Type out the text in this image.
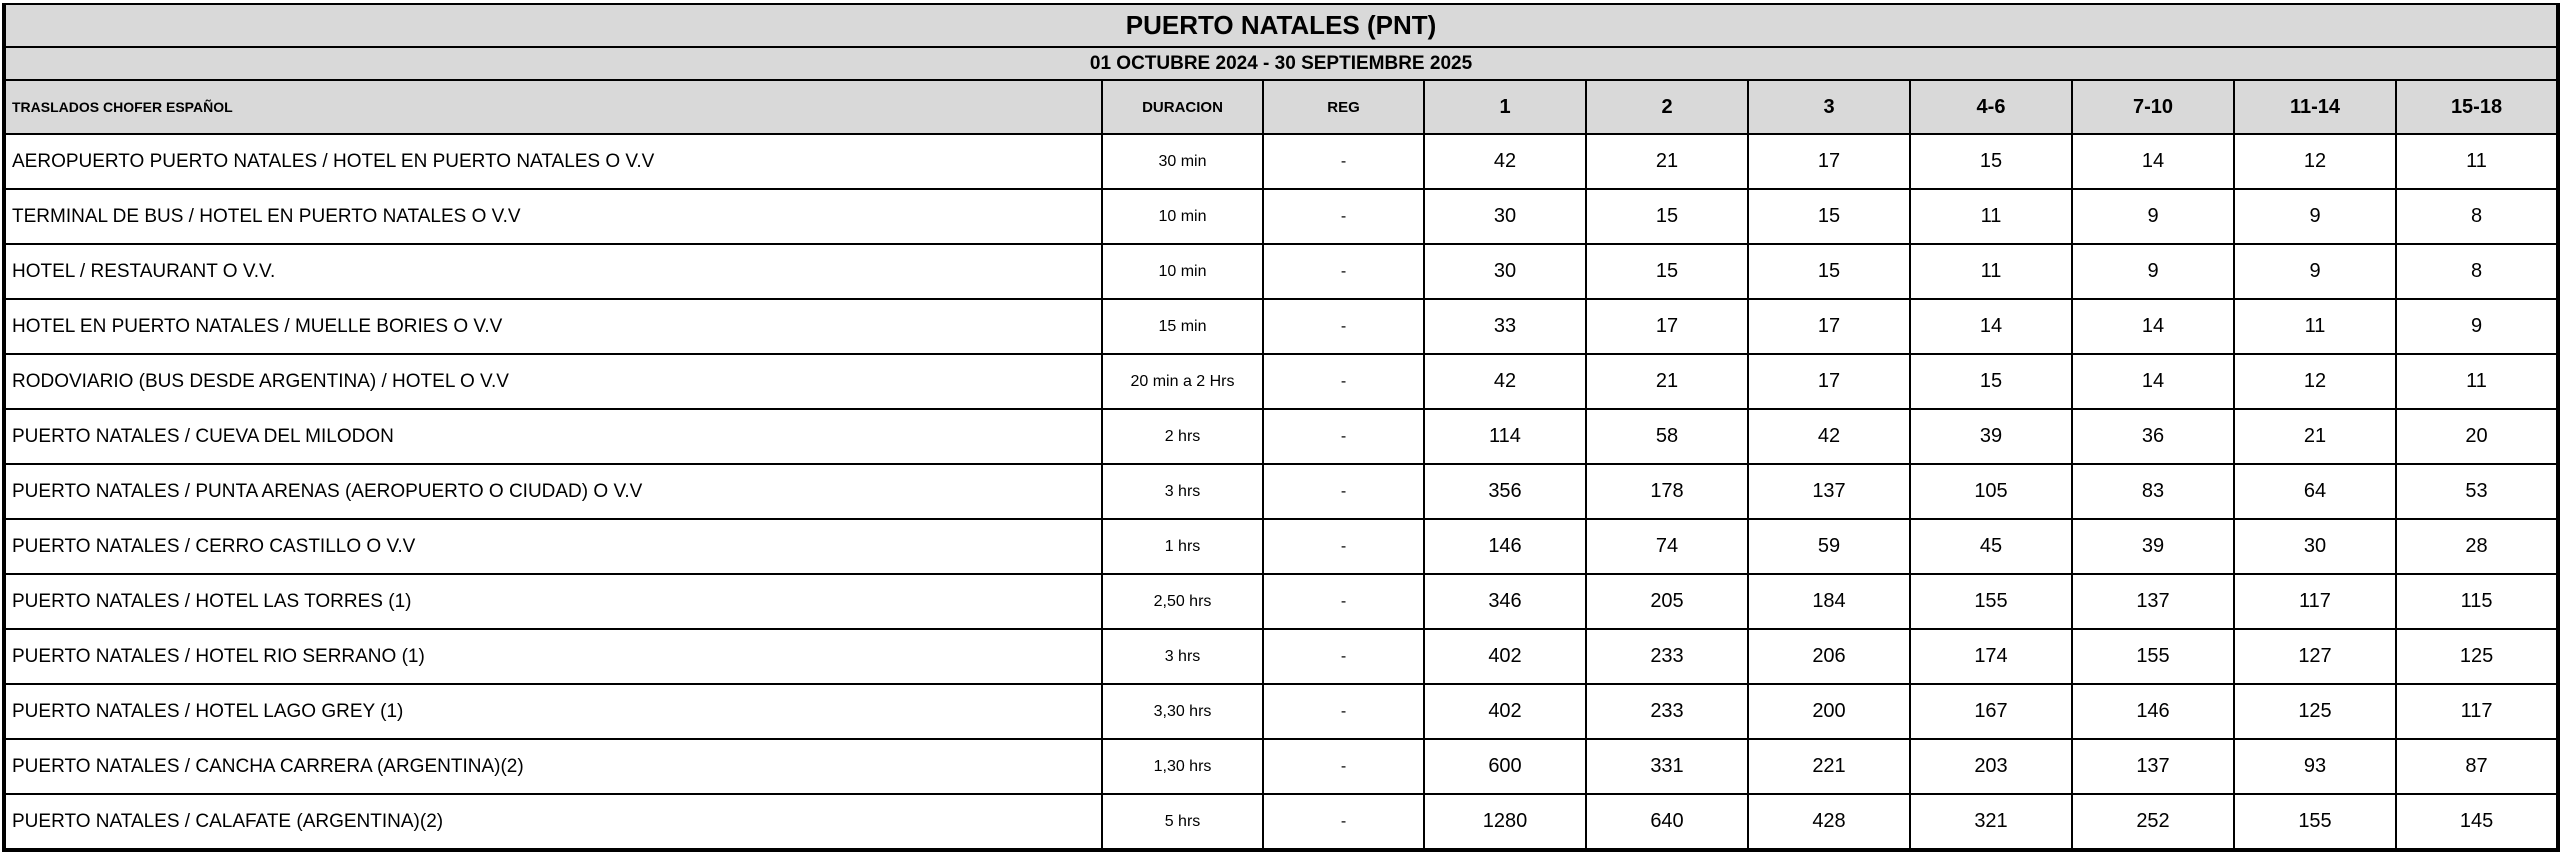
PUERTO NATALES (PNT)									
01 OCTUBRE 2024 - 30 SEPTIEMBRE 2025									
TRASLADOS CHOFER ESPAÑOL	DURACION	REG	1	2	3	4-6	7-10	11-14	15-18
AEROPUERTO PUERTO NATALES / HOTEL EN PUERTO NATALES O V.V	30 min	-	42	21	17	15	14	12	11
TERMINAL DE BUS / HOTEL EN PUERTO NATALES O V.V	10 min	-	30	15	15	11	9	9	8
HOTEL / RESTAURANT O V.V.	10 min	-	30	15	15	11	9	9	8
HOTEL EN PUERTO NATALES / MUELLE BORIES O V.V	15 min	-	33	17	17	14	14	11	9
RODOVIARIO (BUS DESDE ARGENTINA) / HOTEL O V.V	20 min a 2 Hrs	-	42	21	17	15	14	12	11
PUERTO NATALES / CUEVA DEL MILODON	2 hrs	-	114	58	42	39	36	21	20
PUERTO NATALES / PUNTA ARENAS (AEROPUERTO O CIUDAD) O V.V	3 hrs	-	356	178	137	105	83	64	53
PUERTO NATALES / CERRO CASTILLO O V.V	1 hrs	-	146	74	59	45	39	30	28
PUERTO NATALES / HOTEL LAS TORRES (1)	2,50 hrs	-	346	205	184	155	137	117	115
PUERTO NATALES / HOTEL RIO SERRANO (1)	3 hrs	-	402	233	206	174	155	127	125
PUERTO NATALES / HOTEL LAGO GREY (1)	3,30 hrs	-	402	233	200	167	146	125	117
PUERTO NATALES / CANCHA CARRERA (ARGENTINA)(2)	1,30 hrs	-	600	331	221	203	137	93	87
PUERTO NATALES / CALAFATE (ARGENTINA)(2)	5 hrs	-	1280	640	428	321	252	155	145
